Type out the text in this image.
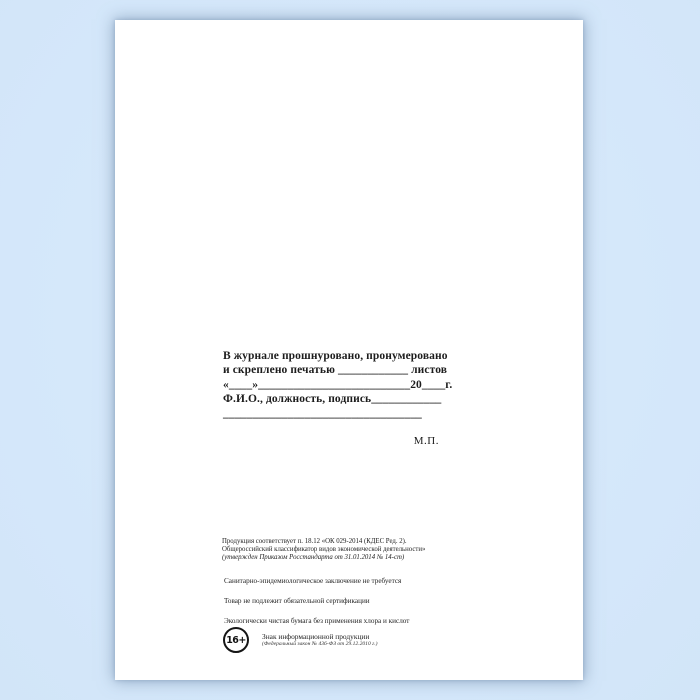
В журнале прошнуровано, пронумеровано
и скреплено печатью ____________ листов
«____»__________________________20____г.
Ф.И.О., должность, подпись____________
__________________________________
М.П.
Продукция соответствует п. 18.12 «ОК 029-2014 (КДЕС Ред. 2).
Общероссийский классификатор видов экономической деятельности»
(утвержден Приказом Росстандарта от 31.01.2014 № 14-ст)

Санитарно-эпидемиологическое заключение не требуется

Товар не подлежит обязательной сертификации

Экологически чистая бумага без применения хлора и кислот

16+	Знак информационной продукции
(Федеральный закон № 436-ФЗ от 29.12.2010 г.)
